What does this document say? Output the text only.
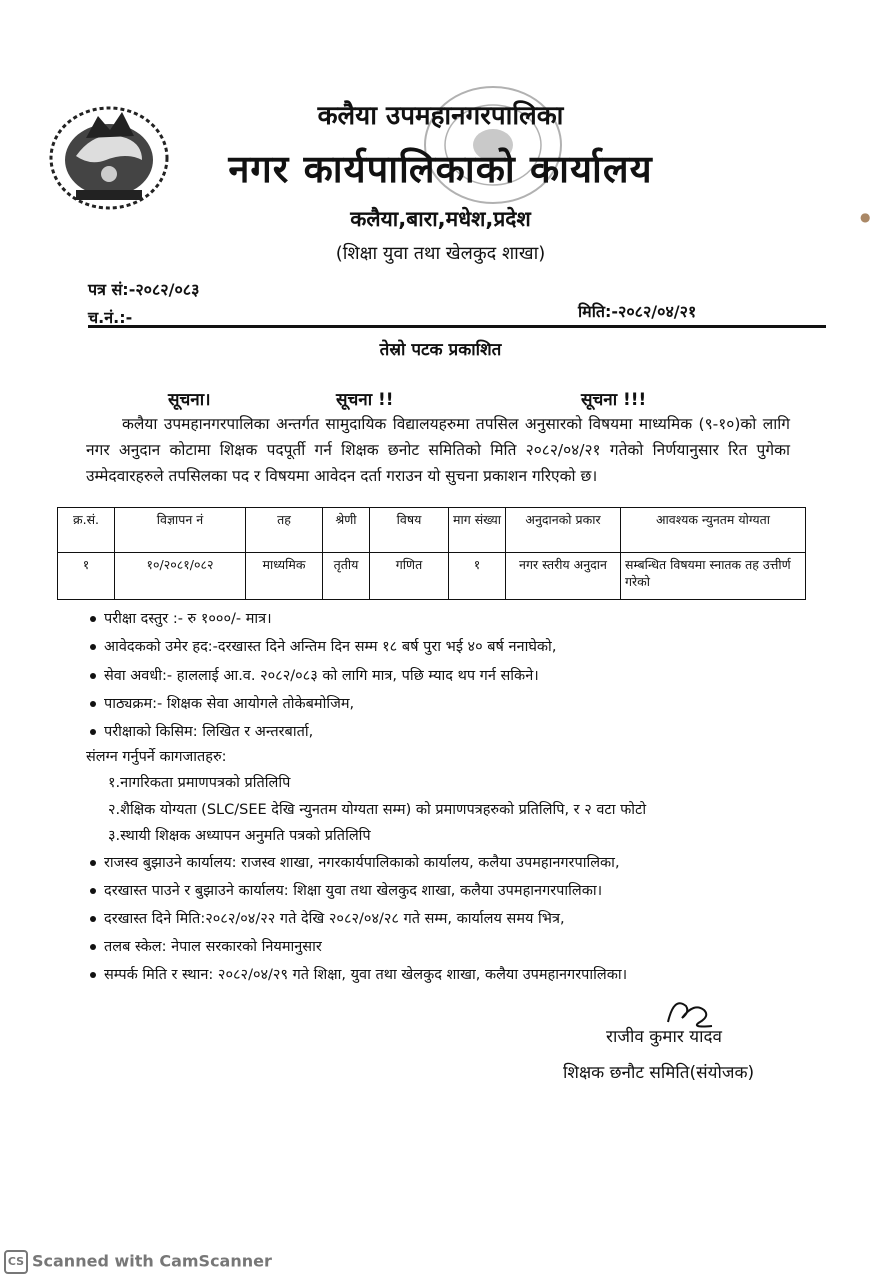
कलैया उपमहानगरपालिका
नगर कार्यपालिकाको कार्यालय
कलैया,बारा,मधेश,प्रदेश
(शिक्षा युवा तथा खेलकुद शाखा)
पत्र सं:-२०८२/०८३
च.नं.:-	मिति:-२०८२/०४/२१
तेस्रो पटक प्रकाशित
सूचना।	सूचना !!	सूचना !!!
कलैया उपमहानगरपालिका अन्तर्गत सामुदायिक विद्यालयहरुमा तपसिल अनुसारको विषयमा माध्यमिक (९-१०)को लागि नगर अनुदान कोटामा शिक्षक पदपूर्ती गर्न शिक्षक छनोट समितिको मिति २०८२/०४/२१ गतेको निर्णयानुसार रित पुगेका उम्मेदवारहरुले तपसिलका पद र विषयमा आवेदन दर्ता गराउन यो सुचना प्रकाशन गरिएको छ।
क्र.सं.	विज्ञापन नं	तह	श्रेणी	विषय	माग संख्या	अनुदानको प्रकार	आवश्यक न्युनतम योग्यता
१	१०/२०८१/०८२	माध्यमिक	तृतीय	गणित	१	नगर स्तरीय अनुदान	सम्बन्धित विषयमा स्नातक तह उत्तीर्ण गरेको
परीक्षा दस्तुर :- रु १०००/- मात्र।
आवेदकको उमेर हद:-दरखास्त दिने अन्तिम दिन सम्म १८ बर्ष पुरा भई ४० बर्ष ननाघेको,
सेवा अवधी:- हाललाई आ.व. २०८२/०८३ को लागि मात्र, पछि म्याद थप गर्न सकिने।
पाठ्यक्रम:- शिक्षक सेवा आयोगले तोकेबमोजिम,
परीक्षाको किसिम: लिखित र अन्तरबार्ता,
संलग्न गर्नुपर्ने कागजातहरु:
१.नागरिकता प्रमाणपत्रको प्रतिलिपि
२.शैक्षिक योग्यता (SLC/SEE देखि न्युनतम योग्यता सम्म) को प्रमाणपत्रहरुको प्रतिलिपि, र २ वटा फोटो
३.स्थायी शिक्षक अध्यापन अनुमति पत्रको प्रतिलिपि
राजस्व बुझाउने कार्यालय: राजस्व शाखा, नगरकार्यपालिकाको कार्यालय, कलैया उपमहानगरपालिका,
दरखास्त पाउने र बुझाउने कार्यालय: शिक्षा युवा तथा खेलकुद शाखा, कलैया उपमहानगरपालिका।
दरखास्त दिने मिति:२०८२/०४/२२ गते देखि २०८२/०४/२८ गते सम्म, कार्यालय समय भित्र,
तलब स्केल: नेपाल सरकारको नियमानुसार
सम्पर्क मिति र स्थान: २०८२/०४/२९ गते शिक्षा, युवा तथा खेलकुद शाखा, कलैया उपमहानगरपालिका।
राजीव कुमार यादव
शिक्षक छनौट समिति(संयोजक)
●
CS Scanned with CamScanner
